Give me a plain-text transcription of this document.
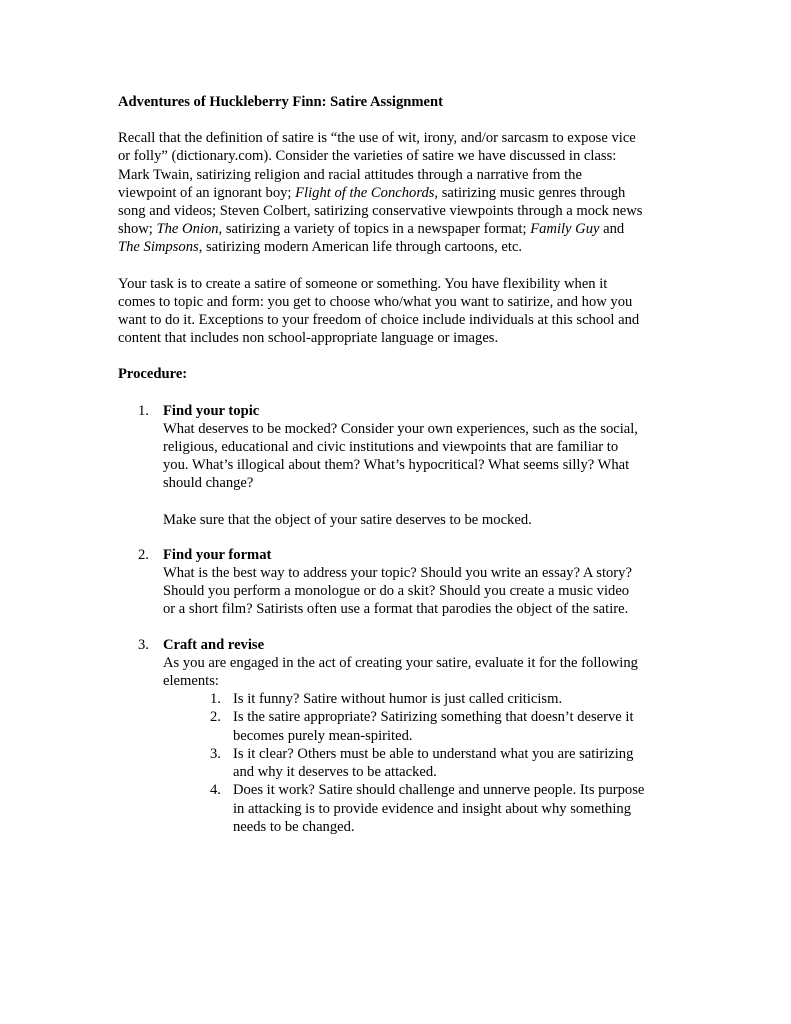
Adventures of Huckleberry Finn: Satire Assignment
Recall that the definition of satire is “the use of wit, irony, and/or sarcasm to expose vice
or folly” (dictionary.com). Consider the varieties of satire we have discussed in class:
Mark Twain, satirizing religion and racial attitudes through a narrative from the
viewpoint of an ignorant boy; Flight of the Conchords, satirizing music genres through
song and videos; Steven Colbert, satirizing conservative viewpoints through a mock news
show; The Onion, satirizing a variety of topics in a newspaper format; Family Guy and
The Simpsons, satirizing modern American life through cartoons, etc.
Your task is to create a satire of someone or something. You have flexibility when it
comes to topic and form: you get to choose who/what you want to satirize, and how you
want to do it. Exceptions to your freedom of choice include individuals at this school and
content that includes non school-appropriate language or images.
Procedure:
1. Find your topic
What deserves to be mocked? Consider your own experiences, such as the social,
religious, educational and civic institutions and viewpoints that are familiar to
you. What’s illogical about them? What’s hypocritical? What seems silly? What
should change?
Make sure that the object of your satire deserves to be mocked.
2. Find your format
What is the best way to address your topic? Should you write an essay? A story?
Should you perform a monologue or do a skit? Should you create a music video
or a short film? Satirists often use a format that parodies the object of the satire.
3. Craft and revise
As you are engaged in the act of creating your satire, evaluate it for the following
elements:
1. Is it funny? Satire without humor is just called criticism.
2. Is the satire appropriate? Satirizing something that doesn’t deserve it
becomes purely mean-spirited.
3. Is it clear? Others must be able to understand what you are satirizing
and why it deserves to be attacked.
4. Does it work? Satire should challenge and unnerve people. Its purpose
in attacking is to provide evidence and insight about why something
needs to be changed.
